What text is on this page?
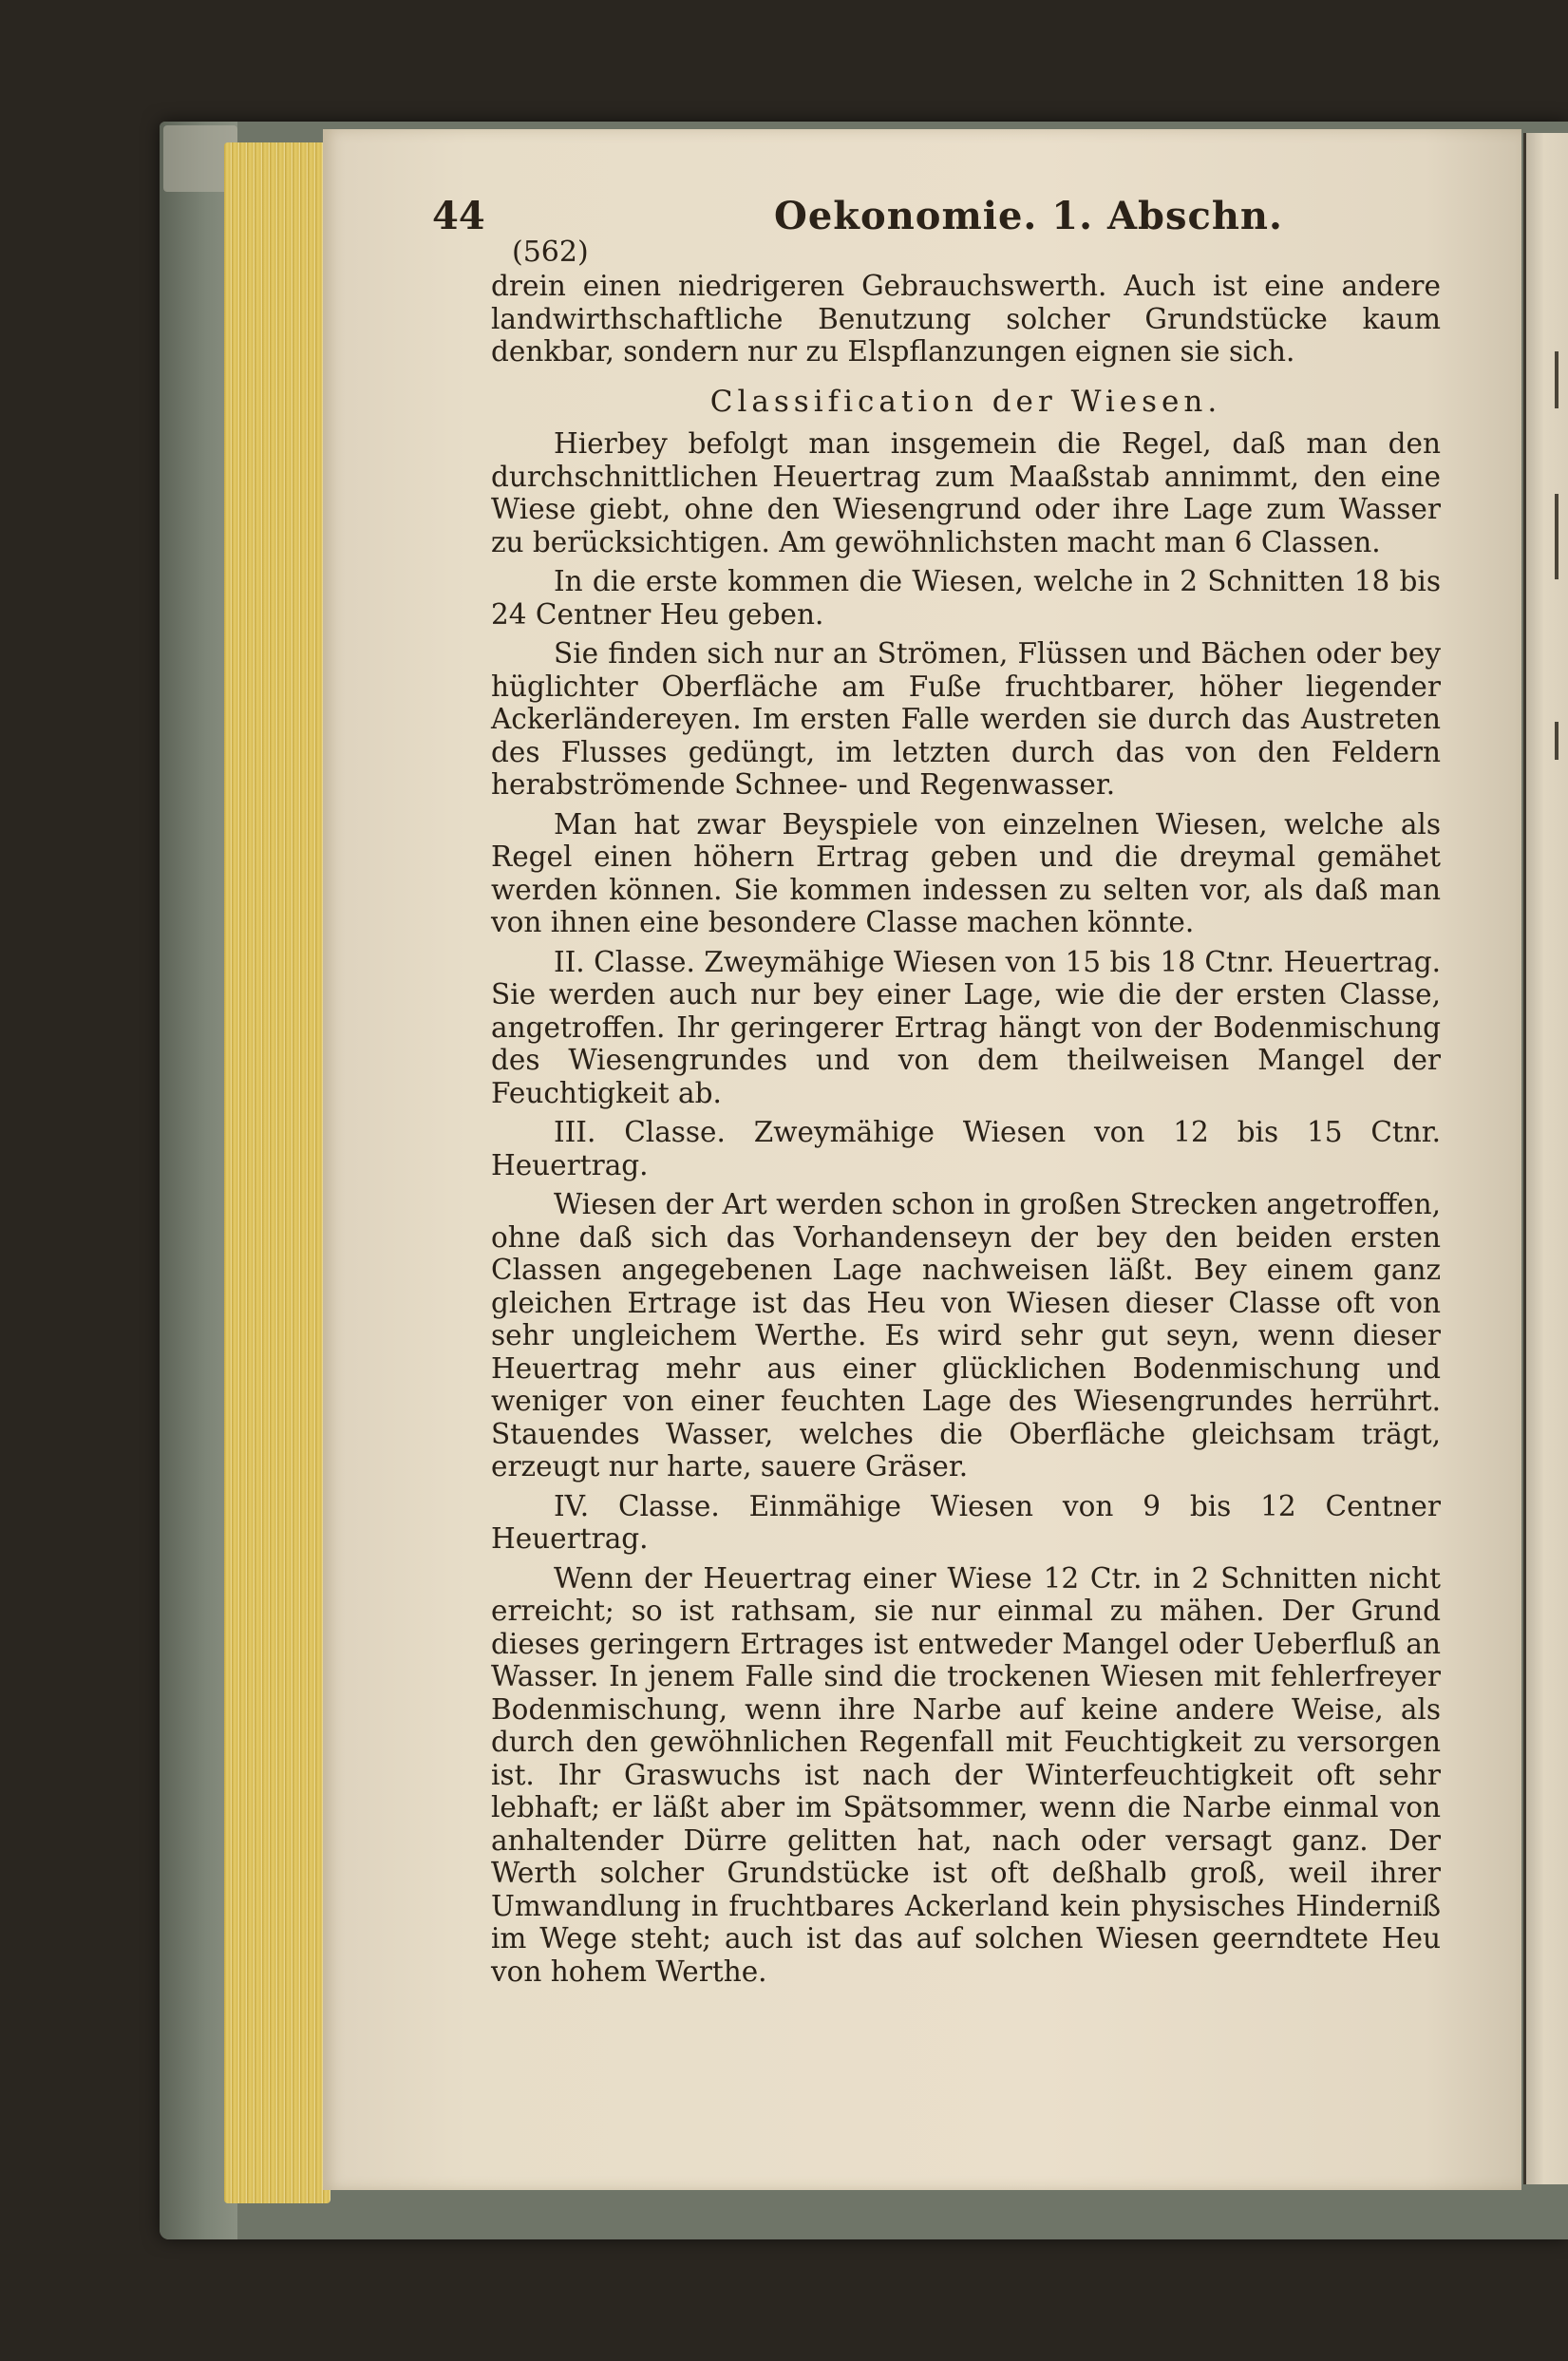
44	Oekonomie. 1. Abschn.

(562)

drein einen niedrigeren Gebrauchswerth. Auch ist eine andere landwirthschaftliche Benutzung solcher Grundstücke kaum denkbar, sondern nur zu Elspflanzungen eignen sie sich.

Classification der Wiesen.

Hierbey befolgt man insgemein die Regel, daß man den durchschnittlichen Heuertrag zum Maaßstab annimmt, den eine Wiese giebt, ohne den Wiesengrund oder ihre Lage zum Wasser zu berücksichtigen. Am gewöhnlichsten macht man 6 Classen.

In die erste kommen die Wiesen, welche in 2 Schnitten 18 bis 24 Centner Heu geben.

Sie finden sich nur an Strömen, Flüssen und Bächen oder bey hüglichter Oberfläche am Fuße fruchtbarer, höher liegender Ackerländereyen. Im ersten Falle werden sie durch das Austreten des Flusses gedüngt, im letzten durch das von den Feldern herabströmende Schnee- und Regenwasser.

Man hat zwar Beyspiele von einzelnen Wiesen, welche als Regel einen höhern Ertrag geben und die dreymal gemähet werden können. Sie kommen indessen zu selten vor, als daß man von ihnen eine besondere Classe machen könnte.

II. Classe. Zweymähige Wiesen von 15 bis 18 Ctnr. Heuertrag. Sie werden auch nur bey einer Lage, wie die der ersten Classe, angetroffen. Ihr geringerer Ertrag hängt von der Bodenmischung des Wiesengrundes und von dem theilweisen Mangel der Feuchtigkeit ab.

III. Classe. Zweymähige Wiesen von 12 bis 15 Ctnr. Heuertrag.

Wiesen der Art werden schon in großen Strecken angetroffen, ohne daß sich das Vorhandenseyn der bey den beiden ersten Classen angegebenen Lage nachweisen läßt. Bey einem ganz gleichen Ertrage ist das Heu von Wiesen dieser Classe oft von sehr ungleichem Werthe. Es wird sehr gut seyn, wenn dieser Heuertrag mehr aus einer glücklichen Bodenmischung und weniger von einer feuchten Lage des Wiesengrundes herrührt. Stauendes Wasser, welches die Oberfläche gleichsam trägt, erzeugt nur harte, sauere Gräser.

IV. Classe. Einmähige Wiesen von 9 bis 12 Centner Heuertrag.

Wenn der Heuertrag einer Wiese 12 Ctr. in 2 Schnitten nicht erreicht; so ist rathsam, sie nur einmal zu mähen. Der Grund dieses geringern Ertrages ist entweder Mangel oder Ueberfluß an Wasser. In jenem Falle sind die trockenen Wiesen mit fehlerfreyer Bodenmischung, wenn ihre Narbe auf keine andere Weise, als durch den gewöhnlichen Regenfall mit Feuchtigkeit zu versorgen ist. Ihr Graswuchs ist nach der Winterfeuchtigkeit oft sehr lebhaft; er läßt aber im Spätsommer, wenn die Narbe einmal von anhaltender Dürre gelitten hat, nach oder versagt ganz. Der Werth solcher Grundstücke ist oft deßhalb groß, weil ihrer Umwandlung in fruchtbares Ackerland kein physisches Hinderniß im Wege steht; auch ist das auf solchen Wiesen geerndtete Heu von hohem Werthe.
